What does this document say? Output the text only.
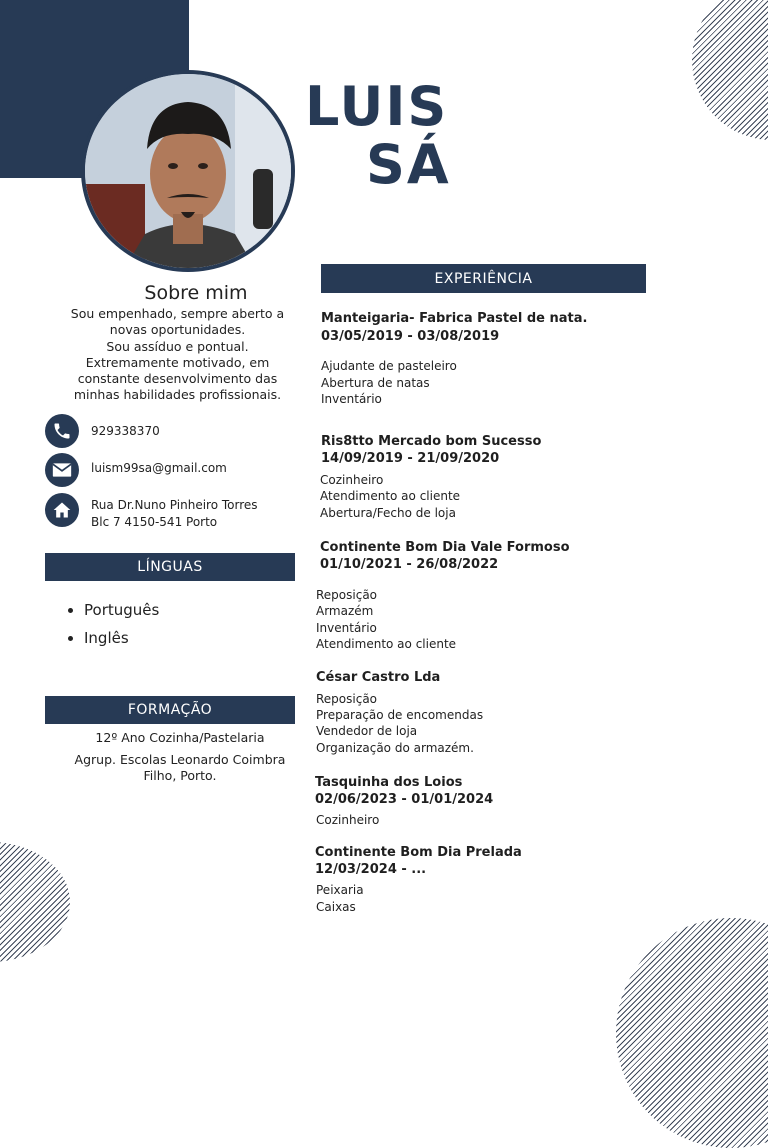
LUIS
SÁ
Sobre mim
Sou empenhado, sempre aberto a
novas oportunidades.
Sou assíduo e pontual.
Extremamente motivado, em
constante desenvolvimento das
minhas habilidades profissionais.
929338370
luism99sa@gmail.com
Rua Dr.Nuno Pinheiro Torres
Blc 7 4150-541 Porto
LÍNGUAS
• Português
• Inglês
FORMAÇÃO
12º Ano Cozinha/Pastelaria
Agrup. Escolas Leonardo Coimbra
Filho, Porto.
EXPERIÊNCIA
Manteigaria- Fabrica Pastel de nata.
03/05/2019 - 03/08/2019
Ajudante de pasteleiro
Abertura de natas
Inventário
Ris8tto Mercado bom Sucesso
14/09/2019 - 21/09/2020
Cozinheiro
Atendimento ao cliente
Abertura/Fecho de loja
Continente Bom Dia Vale Formoso
01/10/2021 - 26/08/2022
Reposição
Armazém
Inventário
Atendimento ao cliente
César Castro Lda
Reposição
Preparação de encomendas
Vendedor de loja
Organização do armazém.
Tasquinha dos Loios
02/06/2023 - 01/01/2024
Cozinheiro
Continente Bom Dia Prelada
12/03/2024 - ...
Peixaria
Caixas
